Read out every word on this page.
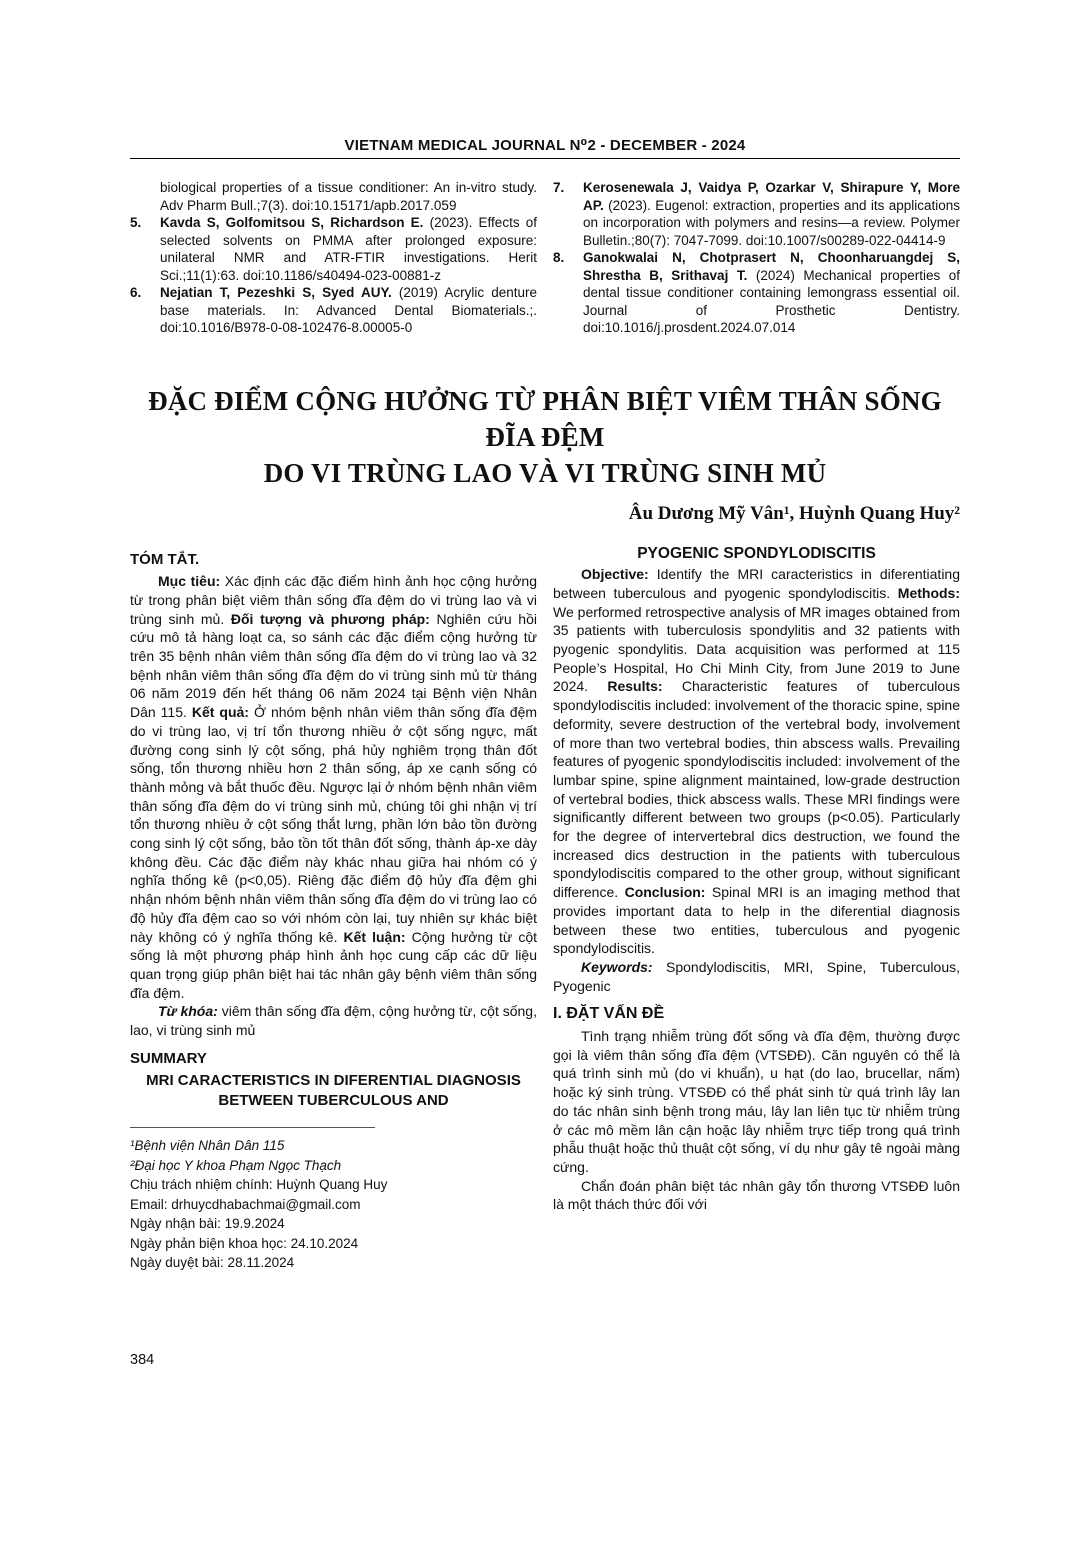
VIETNAM MEDICAL JOURNAL N⁰2 - DECEMBER - 2024
biological properties of a tissue conditioner: An in-vitro study. Adv Pharm Bull.;7(3). doi:10.15171/apb.2017.059
5. Kavda S, Golfomitsou S, Richardson E. (2023). Effects of selected solvents on PMMA after prolonged exposure: unilateral NMR and ATR-FTIR investigations. Herit Sci.;11(1):63. doi:10.1186/s40494-023-00881-z
6. Nejatian T, Pezeshki S, Syed AUY. (2019) Acrylic denture base materials. In: Advanced Dental Biomaterials.;. doi:10.1016/B978-0-08-102476-8.00005-0
7. Kerosenewala J, Vaidya P, Ozarkar V, Shirapure Y, More AP. (2023). Eugenol: extraction, properties and its applications on incorporation with polymers and resins—a review. Polymer Bulletin.;80(7): 7047-7099. doi:10.1007/s00289-022-04414-9
8. Ganokwalai N, Chotprasert N, Choonharuangdej S, Shrestha B, Srithavaj T. (2024) Mechanical properties of dental tissue conditioner containing lemongrass essential oil. Journal of Prosthetic Dentistry. doi:10.1016/j.prosdent.2024.07.014
ĐẶC ĐIỂM CỘNG HƯỞNG TỪ PHÂN BIỆT VIÊM THÂN SỐNG ĐĨA ĐỆM
DO VI TRÙNG LAO VÀ VI TRÙNG SINH MỦ
Âu Dương Mỹ Vân¹, Huỳnh Quang Huy²
TÓM TẮT.

Mục tiêu: Xác định các đặc điểm hình ảnh học cộng hưởng từ trong phân biệt viêm thân sống đĩa đệm do vi trùng lao và vi trùng sinh mủ. Đối tượng và phương pháp: Nghiên cứu hồi cứu mô tả hàng loạt ca, so sánh các đặc điểm cộng hưởng từ trên 35 bệnh nhân viêm thân sống đĩa đệm do vi trùng lao và 32 bệnh nhân viêm thân sống đĩa đệm do vi trùng sinh mủ từ tháng 06 năm 2019 đến hết tháng 06 năm 2024 tại Bệnh viện Nhân Dân 115. Kết quả: Ở nhóm bệnh nhân viêm thân sống đĩa đệm do vi trùng lao, vị trí tổn thương nhiều ở cột sống ngực, mất đường cong sinh lý cột sống, phá hủy nghiêm trọng thân đốt sống, tổn thương nhiều hơn 2 thân sống, áp xe cạnh sống có thành mỏng và bắt thuốc đều. Ngược lại ở nhóm bệnh nhân viêm thân sống đĩa đệm do vi trùng sinh mủ, chúng tôi ghi nhận vị trí tổn thương nhiều ở cột sống thắt lưng, phần lớn bảo tồn đường cong sinh lý cột sống, bảo tồn tốt thân đốt sống, thành áp-xe dày không đều. Các đặc điểm này khác nhau giữa hai nhóm có ý nghĩa thống kê (p<0,05). Riêng đặc điểm độ hủy đĩa đệm ghi nhận nhóm bệnh nhân viêm thân sống đĩa đệm do vi trùng lao có độ hủy đĩa đệm cao so với nhóm còn lại, tuy nhiên sự khác biệt này không có ý nghĩa thống kê. Kết luận: Cộng hưởng từ cột sống là một phương pháp hình ảnh học cung cấp các dữ liệu quan trọng giúp phân biệt hai tác nhân gây bệnh viêm thân sống đĩa đệm.

Từ khóa: viêm thân sống đĩa đệm, cộng hưởng từ, cột sống, lao, vi trùng sinh mủ

SUMMARY
MRI CARACTERISTICS IN DIFERENTIAL DIAGNOSIS BETWEEN TUBERCULOUS AND
¹Bệnh viện Nhân Dân 115
²Đại học Y khoa Phạm Ngọc Thạch
Chịu trách nhiệm chính: Huỳnh Quang Huy
Email: drhuycdhabachmai@gmail.com
Ngày nhận bài: 19.9.2024
Ngày phản biện khoa học: 24.10.2024
Ngày duyệt bài: 28.11.2024
PYOGENIC SPONDYLODISCITIS

Objective: Identify the MRI caracteristics in diferentiating between tuberculous and pyogenic spondylodiscitis. Methods: We performed retrospective analysis of MR images obtained from 35 patients with tuberculosis spondylitis and 32 patients with pyogenic spondylitis. Data acquisition was performed at 115 People’s Hospital, Ho Chi Minh City, from June 2019 to June 2024. Results: Characteristic features of tuberculous spondylodiscitis included: involvement of the thoracic spine, spine deformity, severe destruction of the vertebral body, involvement of more than two vertebral bodies, thin abscess walls. Prevailing features of pyogenic spondylodiscitis included: involvement of the lumbar spine, spine alignment maintained, low-grade destruction of vertebral bodies, thick abscess walls. These MRI findings were significantly different between two groups (p<0.05). Particularly for the degree of intervertebral dics destruction, we found the increased dics destruction in the patients with tuberculous spondylodiscitis compared to the other group, without significant difference. Conclusion: Spinal MRI is an imaging method that provides important data to help in the diferential diagnosis between these two entities, tuberculous and pyogenic spondylodiscitis.

Keywords: Spondylodiscitis, MRI, Spine, Tuberculous, Pyogenic

I. ĐẶT VẤN ĐỀ

Tình trạng nhiễm trùng đốt sống và đĩa đệm, thường được gọi là viêm thân sống đĩa đệm (VTSĐĐ). Căn nguyên có thể là quá trình sinh mủ (do vi khuẩn), u hạt (do lao, brucellar, nấm) hoặc ký sinh trùng. VTSĐĐ có thể phát sinh từ quá trình lây lan do tác nhân sinh bệnh trong máu, lây lan liên tục từ nhiễm trùng ở các mô mềm lân cận hoặc lây nhiễm trực tiếp trong quá trình phẫu thuật hoặc thủ thuật cột sống, ví dụ như gây tê ngoài màng cứng.

Chẩn đoán phân biệt tác nhân gây tổn thương VTSĐĐ luôn là một thách thức đối với

384
